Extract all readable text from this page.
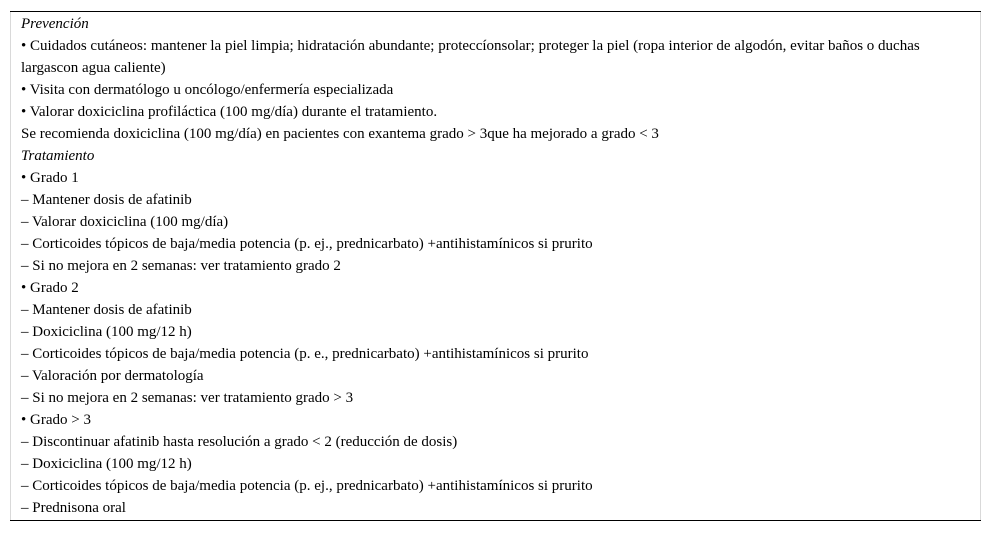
Prevención
• Cuidados cutáneos: mantener la piel limpia; hidratación abundante; proteccíonsolar; proteger la piel (ropa interior de algodón, evitar baños o duchas largascon agua caliente)
• Visita con dermatólogo u oncólogo/enfermería especializada
• Valorar doxiciclina profiláctica (100 mg/día) durante el tratamiento.
Se recomienda doxiciclina (100 mg/día) en pacientes con exantema grado > 3que ha mejorado a grado < 3
Tratamiento
• Grado 1
– Mantener dosis de afatinib
– Valorar doxiciclina (100 mg/día)
– Corticoides tópicos de baja/media potencia (p. ej., prednicarbato) +antihistamínicos si prurito
– Si no mejora en 2 semanas: ver tratamiento grado 2
• Grado 2
– Mantener dosis de afatinib
– Doxiciclina (100 mg/12 h)
– Corticoides tópicos de baja/media potencia (p. e., prednicarbato) +antihistamínicos si prurito
– Valoración por dermatología
– Si no mejora en 2 semanas: ver tratamiento grado > 3
• Grado > 3
– Discontinuar afatinib hasta resolución a grado < 2 (reducción de dosis)
– Doxiciclina (100 mg/12 h)
– Corticoides tópicos de baja/media potencia (p. ej., prednicarbato) +antihistamínicos si prurito
– Prednisona oral
